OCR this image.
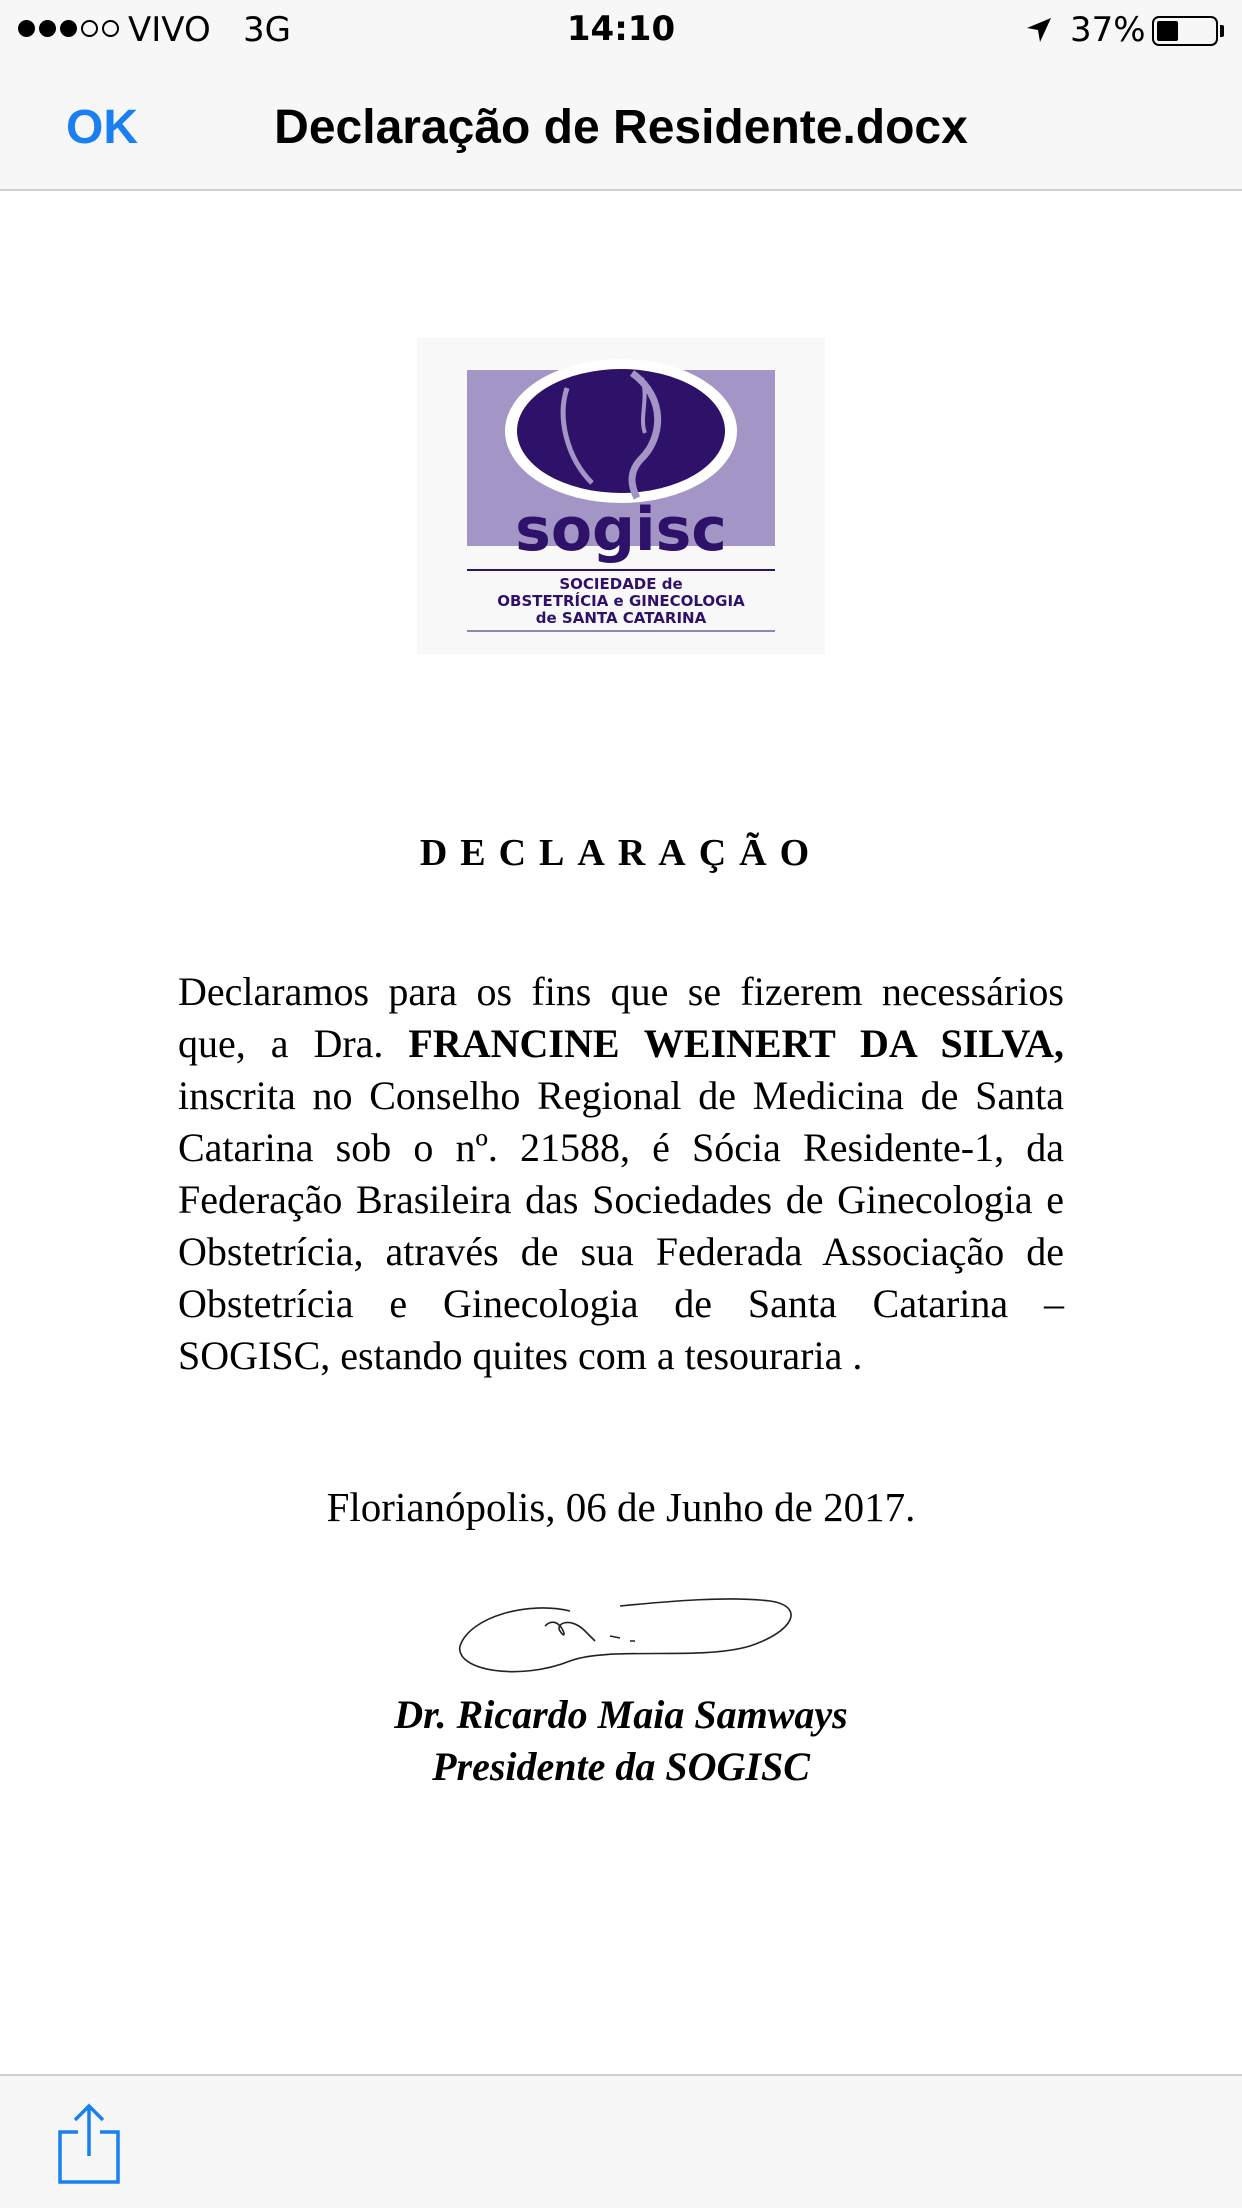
VIVO 3G	14:10	37%
OK	Declaração de Residente.docx
sogisc
SOCIEDADE de
OBSTETRÍCIA e GINECOLOGIA
de SANTA CATARINA
DECLARAÇÃO
Declaramos para os fins que se fizerem necessários que, a Dra. FRANCINE WEINERT DA SILVA, inscrita no Conselho Regional de Medicina de Santa Catarina sob o nº. 21588, é Sócia Residente-1, da Federação Brasileira das Sociedades de Ginecologia e Obstetrícia, através de sua Federada Associação de Obstetrícia e Ginecologia de Santa Catarina – SOGISC, estando quites com a tesouraria .
Florianópolis, 06 de Junho de 2017.
Dr. Ricardo Maia Samways
Presidente da SOGISC
